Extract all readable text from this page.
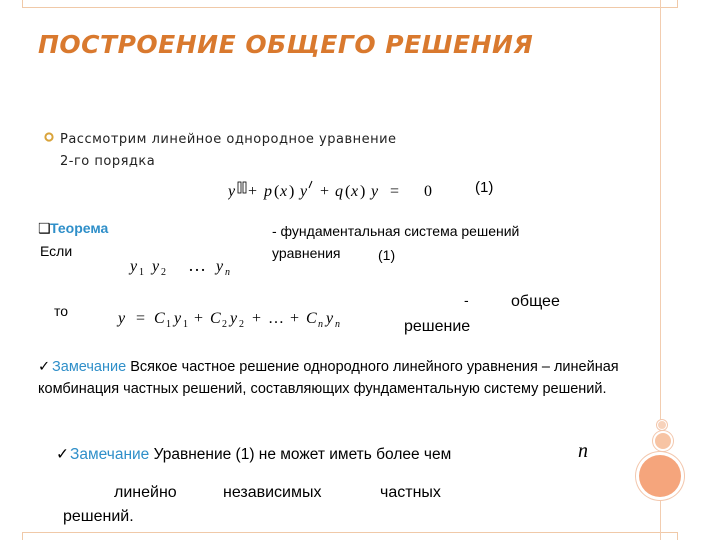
ПОСТРОЕНИЕ ОБЩЕГО РЕШЕНИЯ
Рассмотрим линейное однородное уравнение
2-го порядка
y + p ( x ) y + q ( x ) y = 0	(1)
❑ Теорема
Если
- фундаментальная система решений
уравнения	(1)
y 1 y 2 … y n
то	y = C 1 y 1 + C 2 y 2 + … + C n y n
-	общее
решение
✓ Замечание Всякое частное решение однородного линейного уравнения – линейная комбинация частных решений, составляющих фундаментальную систему решений.
✓Замечание Уравнение (1) не может иметь более чем	n
линейно	независимых	частных
решений.
